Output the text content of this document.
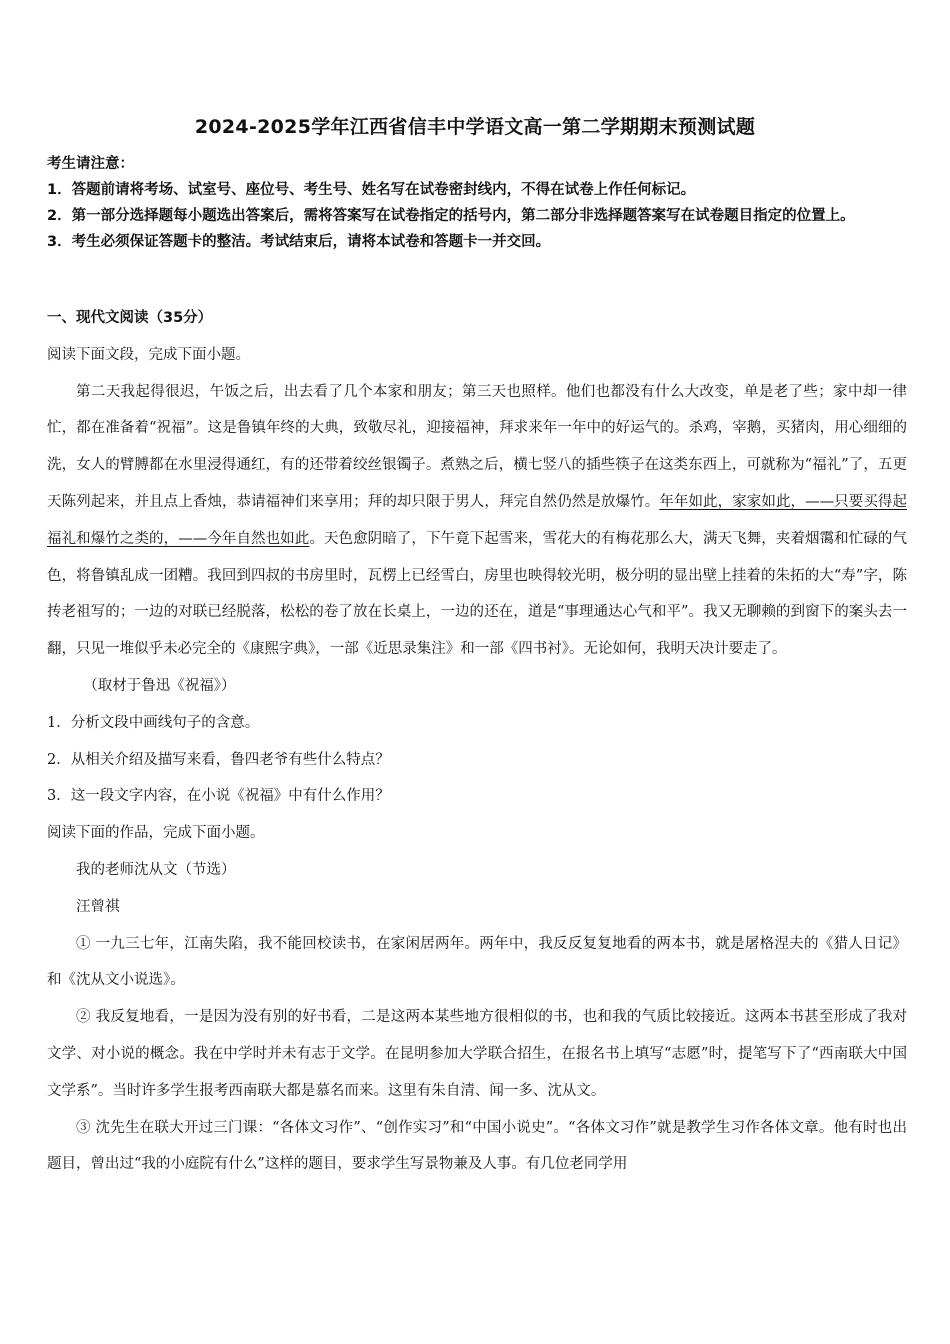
2024-2025学年江西省信丰中学语文高一第二学期期末预测试题

考生请注意：

1．答题前请将考场、试室号、座位号、考生号、姓名写在试卷密封线内，不得在试卷上作任何标记。

2．第一部分选择题每小题选出答案后，需将答案写在试卷指定的括号内，第二部分非选择题答案写在试卷题目指定的位置上。

3．考生必须保证答题卡的整洁。考试结束后，请将本试卷和答题卡一并交回。

一、现代文阅读（35分）

阅读下面文段，完成下面小题。

第二天我起得很迟，午饭之后，出去看了几个本家和朋友；第三天也照样。他们也都没有什么大改变，单是老了些；家中却一律忙，都在准备着“祝福”。这是鲁镇年终的大典，致敬尽礼，迎接福神，拜求来年一年中的好运气的。杀鸡，宰鹅，买猪肉，用心细细的洗，女人的臂膊都在水里浸得通红，有的还带着绞丝银镯子。煮熟之后，横七竖八的插些筷子在这类东西上，可就称为“福礼”了，五更天陈列起来，并且点上香烛，恭请福神们来享用；拜的却只限于男人，拜完自然仍然是放爆竹。年年如此，家家如此，——只要买得起福礼和爆竹之类的，——今年自然也如此。天色愈阴暗了，下午竟下起雪来，雪花大的有梅花那么大，满天飞舞，夹着烟霭和忙碌的气色，将鲁镇乱成一团糟。我回到四叔的书房里时，瓦楞上已经雪白，房里也映得较光明，极分明的显出壁上挂着的朱拓的大“寿”字，陈抟老祖写的；一边的对联已经脱落，松松的卷了放在长桌上，一边的还在，道是“事理通达心气和平”。我又无聊赖的到窗下的案头去一翻，只见一堆似乎未必完全的《康熙字典》，一部《近思录集注》和一部《四书衬》。无论如何，我明天决计要走了。

（取材于鲁迅《祝福》）

1．分析文段中画线句子的含意。

2．从相关介绍及描写来看，鲁四老爷有些什么特点？

3．这一段文字内容，在小说《祝福》中有什么作用？

阅读下面的作品，完成下面小题。

我的老师沈从文（节选）

汪曾祺

① 一九三七年，江南失陷，我不能回校读书，在家闲居两年。两年中，我反反复复地看的两本书，就是屠格涅夫的《猎人日记》和《沈从文小说选》。

② 我反复地看，一是因为没有别的好书看，二是这两本某些地方很相似的书，也和我的气质比较接近。这两本书甚至形成了我对文学、对小说的概念。我在中学时并未有志于文学。在昆明参加大学联合招生，在报名书上填写“志愿”时，提笔写下了“西南联大中国文学系”。当时许多学生报考西南联大都是慕名而来。这里有朱自清、闻一多、沈从文。

③ 沈先生在联大开过三门课：“各体文习作”、“创作实习”和“中国小说史”。“各体文习作”就是教学生习作各体文章。他有时也出题目，曾出过“我的小庭院有什么”这样的题目，要求学生写景物兼及人事。有几位老同学用
